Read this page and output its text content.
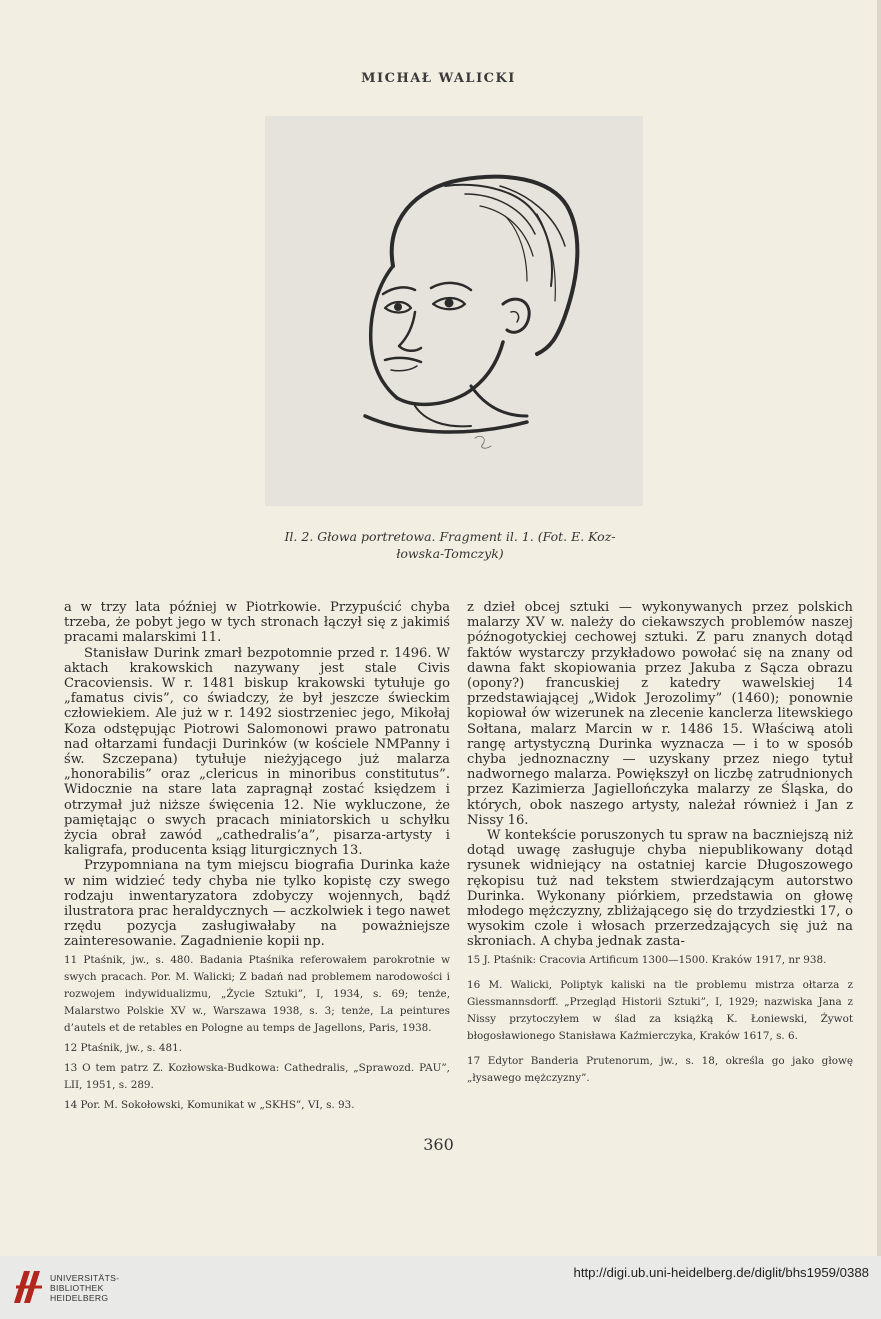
MICHAŁ WALICKI
Il. 2. Głowa portretowa. Fragment il. 1. (Fot. E. Koz-
łowska-Tomczyk)

a w trzy lata później w Piotrkowie. Przypuścić chyba trzeba, że pobyt jego w tych stronach łączył się z jakimiś pracami malarskimi 11.

Stanisław Durink zmarł bezpotomnie przed r. 1496. W aktach krakowskich nazywany jest stale Civis Cracoviensis. W r. 1481 biskup krakowski tytułuje go „famatus civis”, co świadczy, że był jeszcze świeckim człowiekiem. Ale już w r. 1492 siostrzeniec jego, Mikołaj Koza odstępując Piotrowi Salomonowi prawo patronatu nad ołtarzami fundacji Durinków (w kościele NMPanny i św. Szczepana) tytułuje nieżyjącego już malarza „honorabilis” oraz „clericus in minoribus constitutus”. Widocznie na stare lata zapragnął zostać księdzem i otrzymał już niższe święcenia 12. Nie wykluczone, że pamiętając o swych pracach miniatorskich u schyłku życia obrał zawód „cathedralis’a”, pisarza-artysty i kaligrafa, producenta ksiąg liturgicznych 13.

Przypomniana na tym miejscu biografia Durinka każe w nim widzieć tedy chyba nie tylko kopistę czy swego rodzaju inwentaryzatora zdobyczy wojennych, bądź ilustratora prac heraldycznych — aczkolwiek i tego nawet rzędu pozycja zasługiwałaby na poważniejsze zainteresowanie. Zagadnienie kopii np.

z dzieł obcej sztuki — wykonywanych przez polskich malarzy XV w. należy do ciekawszych problemów naszej późnogotyckiej cechowej sztuki. Z paru znanych dotąd faktów wystarczy przykładowo powołać się na znany od dawna fakt skopiowania przez Jakuba z Sącza obrazu (opony?) francuskiej z katedry wawelskiej 14 przedstawiającej „Widok Jerozolimy” (1460); ponownie kopiował ów wizerunek na zlecenie kanclerza litewskiego Sołtana, malarz Marcin w r. 1486 15. Właściwą atoli rangę artystyczną Durinka wyznacza — i to w sposób chyba jednoznaczny — uzyskany przez niego tytuł nadwornego malarza. Powiększył on liczbę zatrudnionych przez Kazimierza Jagiellończyka malarzy ze Śląska, do których, obok naszego artysty, należał również i Jan z Nissy 16.

W kontekście poruszonych tu spraw na baczniejszą niż dotąd uwagę zasługuje chyba niepublikowany dotąd rysunek widniejący na ostatniej karcie Długoszowego rękopisu tuż nad tekstem stwierdzającym autorstwo Durinka. Wykonany piórkiem, przedstawia on głowę młodego mężczyzny, zbliżającego się do trzydziestki 17, o wysokim czole i włosach przerzedzających się już na skroniach. A chyba jednak zasta-

11 Ptaśnik, jw., s. 480. Badania Ptaśnika referowałem parokrotnie w swych pracach. Por. M. Walicki; Z badań nad problemem narodowości i rozwojem indywidualizmu, „Życie Sztuki”, I, 1934, s. 69; tenże, Malarstwo Polskie XV w., Warszawa 1938, s. 3; tenże, La peintures d’autels et de retables en Pologne au temps de Jagellons, Paris, 1938.

12 Ptaśnik, jw., s. 481.

13 O tem patrz Z. Kozłowska-Budkowa: Cathedralis, „Sprawozd. PAU”, LII, 1951, s. 289.

14 Por. M. Sokołowski, Komunikat w „SKHS”, VI, s. 93.

15 J. Ptaśnik: Cracovia Artificum 1300—1500. Kraków 1917, nr 938.

16 M. Walicki, Poliptyk kaliski na tle problemu mistrza ołtarza z Giessmannsdorff. „Przegląd Historii Sztuki”, I, 1929; nazwiska Jana z Nissy przytoczyłem w ślad za książką K. Łoniewski, Żywot błogosławionego Stanisława Kaźmierczyka, Kraków 1617, s. 6.

17 Edytor Banderia Prutenorum, jw., s. 18, określa go jako głowę „łysawego mężczyzny”.

360
UNIVERSITÄTS-
BIBLIOTHEK
HEIDELBERG
http://digi.ub.uni-heidelberg.de/diglit/bhs1959/0388
